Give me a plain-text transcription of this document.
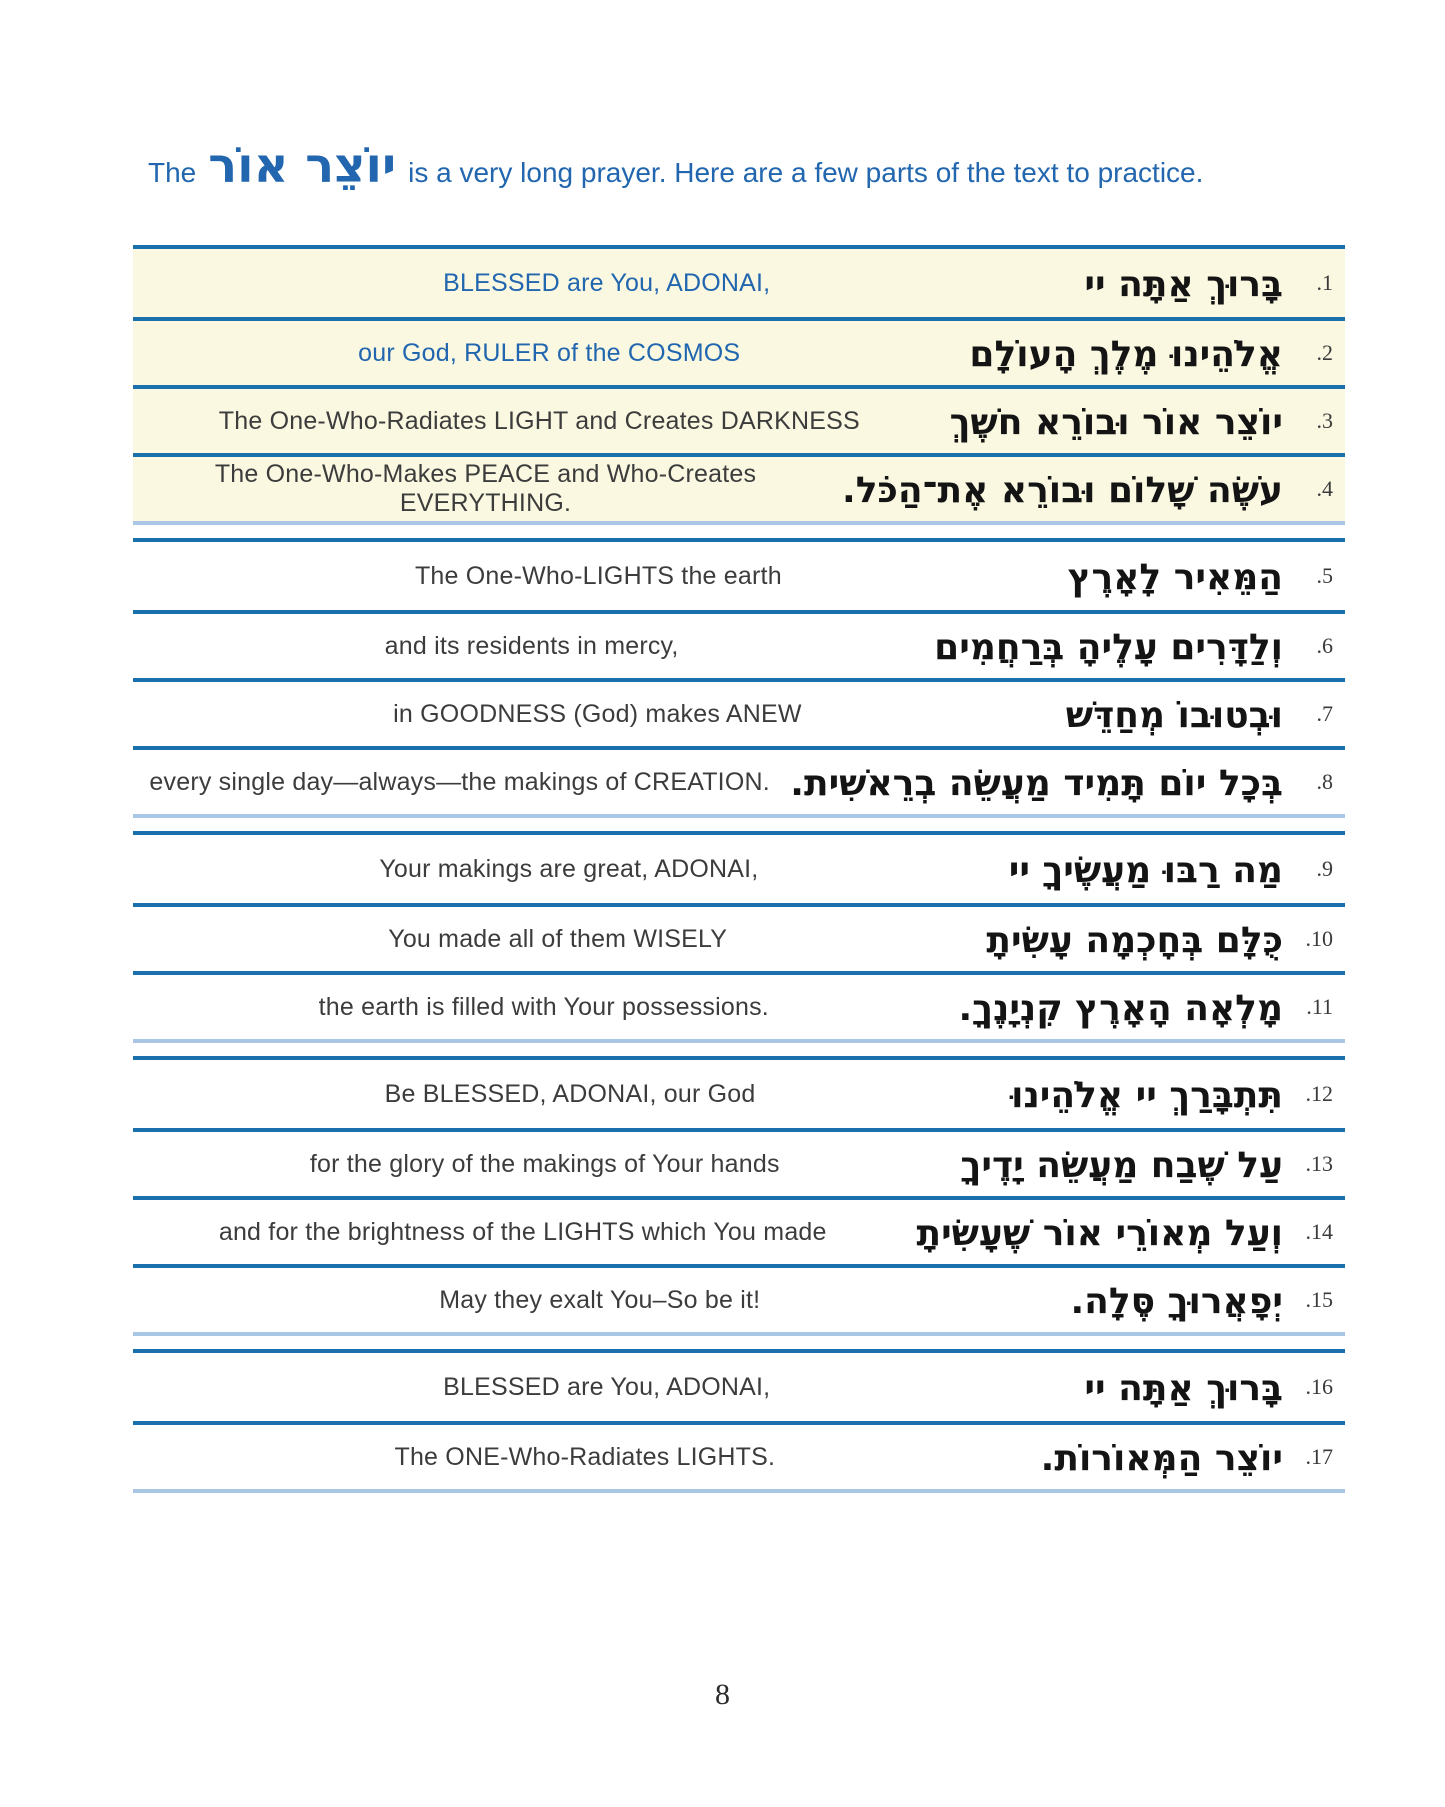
The יוֹצֵר אוֹר is a very long prayer. Here are a few parts of the text to practice.
BLESSED are You, ADONAI,	בָּרוּךְ אַתָּה יי	1.
our God, RULER of the COSMOS	אֱלֹהֵינוּ מֶלֶךְ הָעוֹלָם	2.
The One-Who-Radiates LIGHT and Creates DARKNESS	יוֹצֵר אוֹר וּבוֹרֵא חשֶׁךְ	3.
The One-Who-Makes PEACE and Who-Creates EVERYTHING.	עֹשֶׂה שָׁלוֹם וּבוֹרֵא אֶת־הַכֹּל.	4.
The One-Who-LIGHTS the earth	הַמֵּאִיר לָאָרֶץ	5.
and its residents in mercy,	וְלַדָּרִים עָלֶיהָ בְּרַחֲמִים	6.
in GOODNESS (God) makes ANEW	וּבְטוּבוֹ מְחַדֵּשׁ	7.
every single day—always—the makings of CREATION. בְּכָל יוֹם תָּמִיד מַעֲשֵׂה בְרֵאשִׁית.	8.
Your makings are great, ADONAI,	מַה רַבּוּ מַעֲשֶׂיךָ יי	9.
You made all of them WISELY	כֻּלָּם בְּחָכְמָה עָשִׂיתָ	10.
the earth is filled with Your possessions.	מָלְאָה הָאָרֶץ קִנְיָנֶךָ.	11.
Be BLESSED, ADONAI, our God	תִּתְבָּרַךְ יי אֱלֹהֵינוּ	12.
for the glory of the makings of Your hands	עַל שֶׁבַח מַעֲשֵׂה יָדֶיךָ	13.
and for the brightness of the LIGHTS which You made	וְעַל מְאוֹרֵי אוֹר שֶׁעָשִׂיתָ	14.
May they exalt You–So be it!	יְפָאֲרוּךָ סֶּלָה.	15.
BLESSED are You, ADONAI,	בָּרוּךְ אַתָּה יי	16.
The ONE-Who-Radiates LIGHTS.	יוֹצֵר הַמְּאוֹרוֹת.	17.
8
